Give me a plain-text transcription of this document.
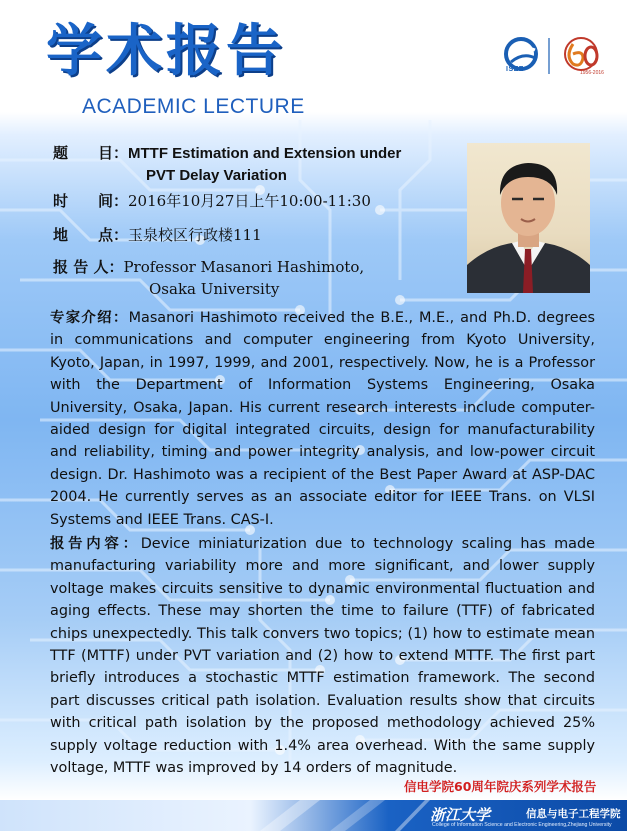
学术报告
ACADEMIC LECTURE
ISEE	1956-2016
题　　目：MTTF Estimation and Extension under
PVT Delay Variation
时　　间：2016年10月27日上午10:00-11:30
地　　点：玉泉校区行政楼111
报 告 人：Professor Masanori Hashimoto,
Osaka University
专家介绍：Masanori Hashimoto received the B.E., M.E., and Ph.D. degrees in communications and computer engineering from Kyoto University, Kyoto, Japan, in 1997, 1999, and 2001, respectively. Now, he is a Professor with the Department of Information Systems Engineering, Osaka University, Osaka, Japan. His current research interests include computer-aided design for digital integrated circuits, design for manufacturability and reliability, timing and power integrity analysis, and low-power circuit design. Dr. Hashimoto was a recipient of the Best Paper Award at ASP-DAC 2004. He currently serves as an associate editor for IEEE Trans. on VLSI Systems and IEEE Trans. CAS-I.
报告内容：Device miniaturization due to technology scaling has made manufacturing variability more and more significant, and lower supply voltage makes circuits sensitive to dynamic environmental fluctuation and aging effects. These may shorten the time to failure (TTF) of fabricated chips unexpectedly. This talk convers two topics; (1) how to estimate mean TTF (MTTF) under PVT variation and (2) how to extend MTTF. The first part briefly introduces a stochastic MTTF estimation framework. The second part discusses critical path isolation. Evaluation results show that circuits with critical path isolation by the proposed methodology achieved 25% supply voltage reduction with 1.4% area overhead. With the same supply voltage, MTTF was improved by 14 orders of magnitude.
信电学院60周年院庆系列学术报告
浙江大学	信息与电子工程学院
College of Information Science and Electronic Engineering,Zhejiang University
